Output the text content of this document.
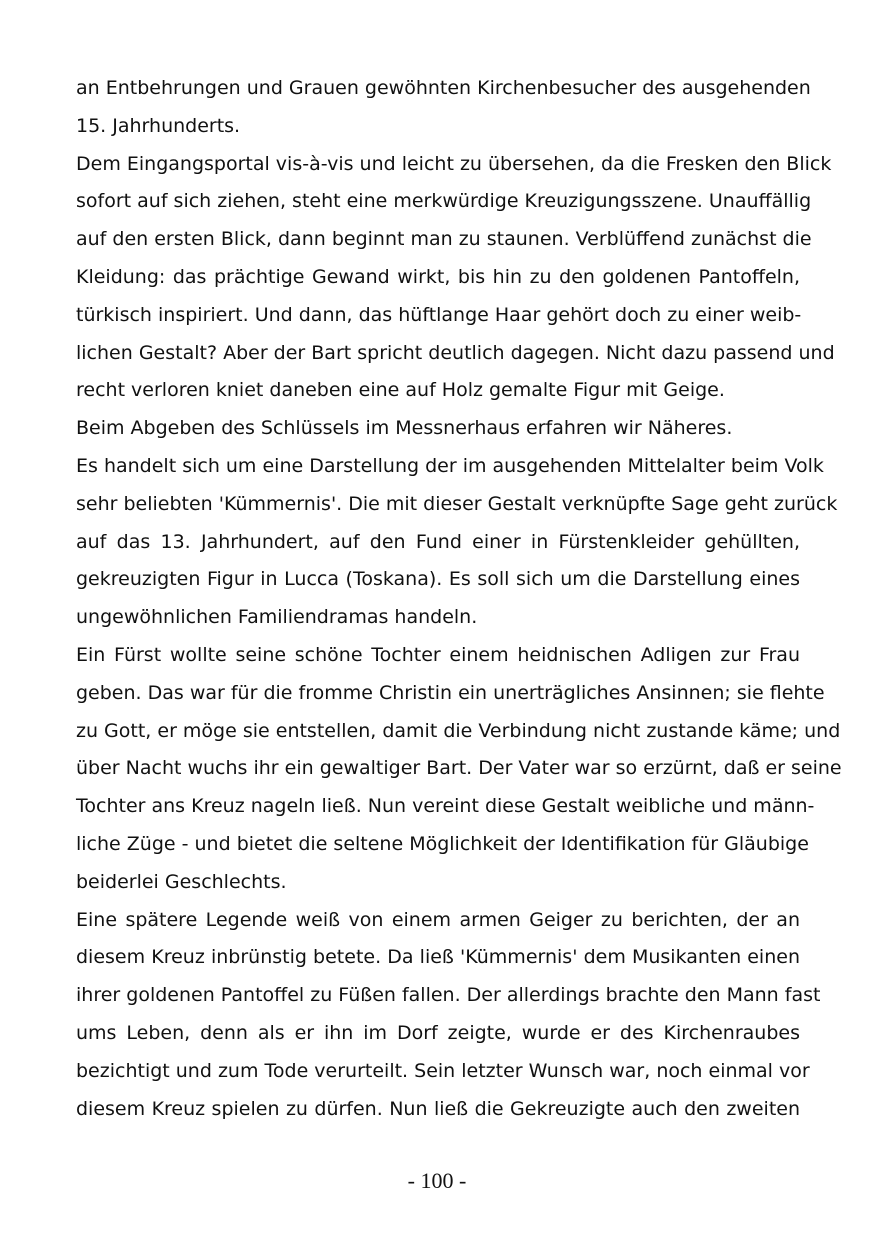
an Entbehrungen und Grauen gewöhnten Kirchenbesucher des ausgehenden
15. Jahrhunderts.
Dem Eingangsportal vis-à-vis und leicht zu übersehen, da die Fresken den Blick
sofort auf sich ziehen, steht eine merkwürdige Kreuzigungsszene. Unauffällig
auf den ersten Blick, dann beginnt man zu staunen. Verblüffend zunächst die
Kleidung: das prächtige Gewand wirkt, bis hin zu den goldenen Pantoffeln,
türkisch inspiriert. Und dann, das hüftlange Haar gehört doch zu einer weib-
lichen Gestalt? Aber der Bart spricht deutlich dagegen. Nicht dazu passend und
recht verloren kniet daneben eine auf Holz gemalte Figur mit Geige.
Beim Abgeben des Schlüssels im Messnerhaus erfahren wir Näheres.
Es handelt sich um eine Darstellung der im ausgehenden Mittelalter beim Volk
sehr beliebten 'Kümmernis'. Die mit dieser Gestalt verknüpfte Sage geht zurück
auf das 13. Jahrhundert, auf den Fund einer in Fürstenkleider gehüllten,
gekreuzigten Figur in Lucca (Toskana). Es soll sich um die Darstellung eines
ungewöhnlichen Familiendramas handeln.
Ein Fürst wollte seine schöne Tochter einem heidnischen Adligen zur Frau
geben. Das war für die fromme Christin ein unerträgliches Ansinnen; sie flehte
zu Gott, er möge sie entstellen, damit die Verbindung nicht zustande käme; und
über Nacht wuchs ihr ein gewaltiger Bart. Der Vater war so erzürnt, daß er seine
Tochter ans Kreuz nageln ließ. Nun vereint diese Gestalt weibliche und männ-
liche Züge - und bietet die seltene Möglichkeit der Identifikation für Gläubige
beiderlei Geschlechts.
Eine spätere Legende weiß von einem armen Geiger zu berichten, der an
diesem Kreuz inbrünstig betete. Da ließ 'Kümmernis' dem Musikanten einen
ihrer goldenen Pantoffel zu Füßen fallen. Der allerdings brachte den Mann fast
ums Leben, denn als er ihn im Dorf zeigte, wurde er des Kirchenraubes
bezichtigt und zum Tode verurteilt. Sein letzter Wunsch war, noch einmal vor
diesem Kreuz spielen zu dürfen. Nun ließ die Gekreuzigte auch den zweiten
- 100 -
